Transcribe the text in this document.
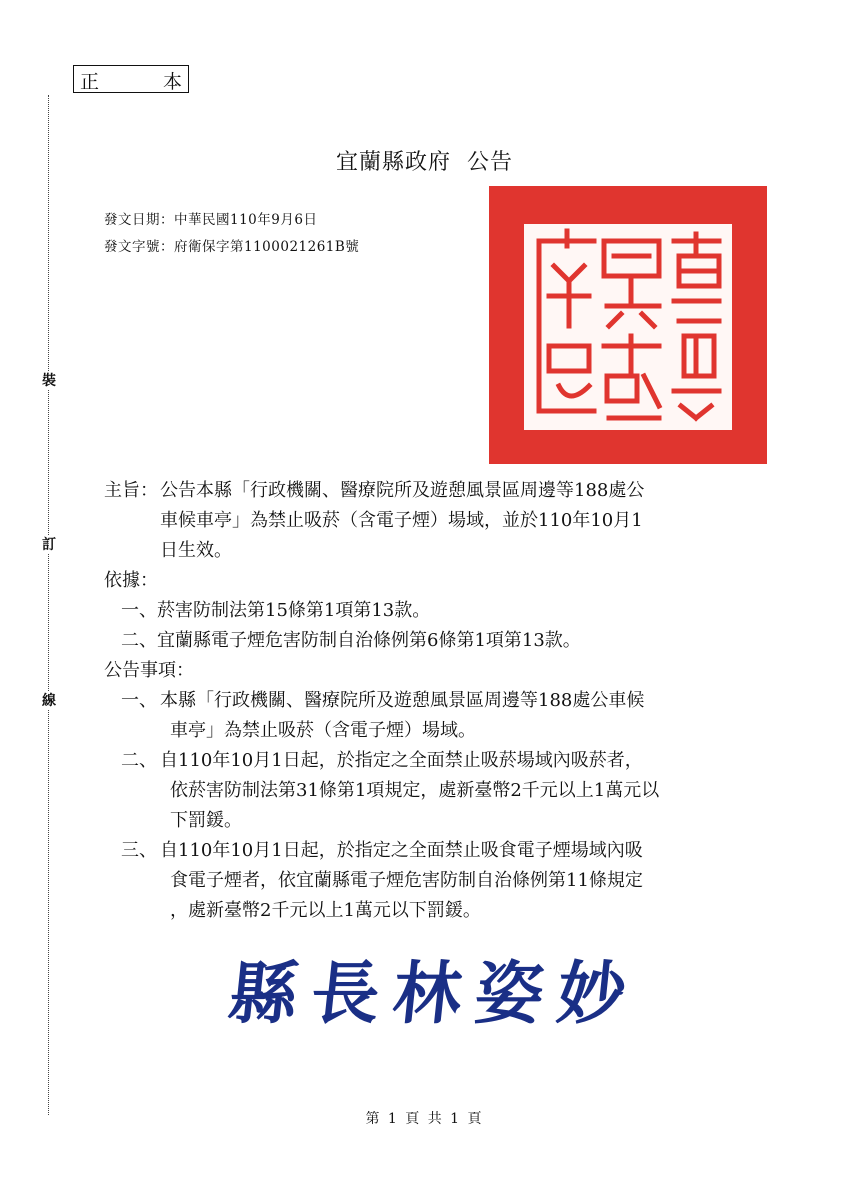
正	本
裝
訂
線
宜蘭縣政府 公告
發文日期：中華民國110年9月6日
發文字號：府衛保字第1100021261B號
主旨： 公告本縣「行政機關、醫療院所及遊憩風景區周邊等188處公
車候車亭」為禁止吸菸（含電子煙）場域，並於110年10月1
日生效。
依據：
一、菸害防制法第15條第1項第13款。
二、宜蘭縣電子煙危害防制自治條例第6條第1項第13款。
公告事項：
一、 本縣「行政機關、醫療院所及遊憩風景區周邊等188處公車候
車亭」為禁止吸菸（含電子煙）場域。
二、 自110年10月1日起，於指定之全面禁止吸菸場域內吸菸者，
依菸害防制法第31條第1項規定，處新臺幣2千元以上1萬元以
下罰鍰。
三、 自110年10月1日起，於指定之全面禁止吸食電子煙場域內吸
食電子煙者，依宜蘭縣電子煙危害防制自治條例第11條規定
，處新臺幣2千元以上1萬元以下罰鍰。
縣長林姿妙
第 1 頁 共 1 頁
